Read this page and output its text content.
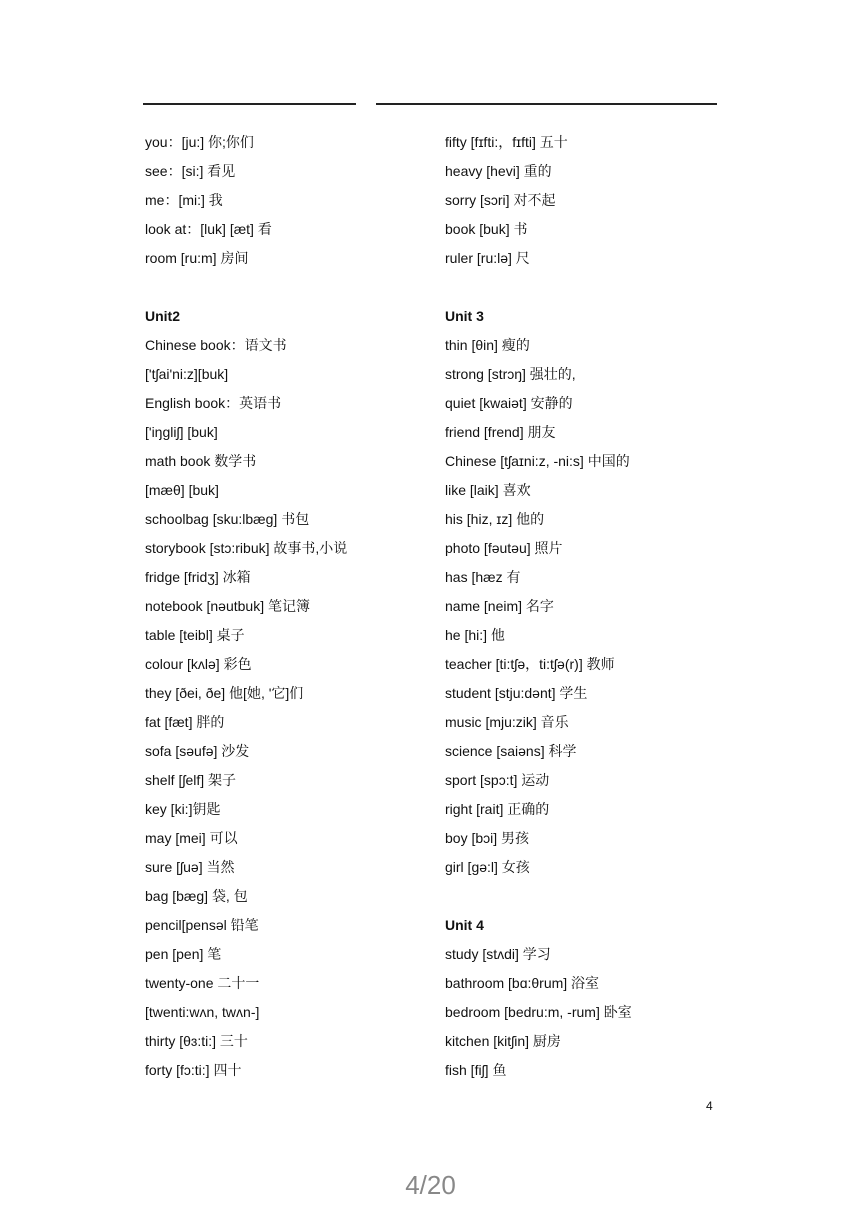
you：[ju:] 你;你们
see：[si:] 看见
me：[mi:] 我
look at：[luk] [æt] 看
room [ru:m] 房间
Unit2
Chinese book：语文书
['tʃai'ni:z][buk]
English book：英语书
['iŋgliʃ] [buk]
math book 数学书
[mæθ] [buk]
schoolbag [sku:lbæg] 书包
storybook [stɔ:ribuk] 故事书,小说
fridge [fridʒ] 冰箱
notebook [nəutbuk] 笔记簿
table [teibl] 桌子
colour [kʌlə] 彩色
they [ðei, ðe] 他[她, '它]们
fat [fæt] 胖的
sofa [səufə] 沙发
shelf [ʃelf] 架子
key [ki:]钥匙
may [mei] 可以
sure [ʃuə] 当然
bag [bæg] 袋, 包
pencil[pensəl 铅笔
pen [pen] 笔
twenty-one 二十一
[twenti:wʌn, twʌn-]
thirty [θɜ:ti:] 三十
forty [fɔ:ti:] 四十
fifty [fɪfti:，fɪfti] 五十
heavy [hevi] 重的
sorry [sɔri] 对不起
book [buk] 书
ruler [ru:lə] 尺
Unit 3
thin [θin] 瘦的
strong [strɔŋ] 强壮的,
quiet [kwaiət] 安静的
friend [frend] 朋友
Chinese [tʃaɪni:z, -ni:s] 中国的
like [laik] 喜欢
his [hiz, ɪz] 他的
photo [fəutəu] 照片
has [hæz 有
name [neim] 名字
he [hi:] 他
teacher [ti:tʃə，ti:tʃə(r)] 教师
student [stju:dənt] 学生
music [mju:zik] 音乐
science [saiəns] 科学
sport [spɔ:t] 运动
right [rait] 正确的
boy [bɔi] 男孩
girl [gə:l] 女孩
Unit 4
study [stʌdi] 学习
bathroom [bɑ:θrum] 浴室
bedroom [bedru:m, -rum] 卧室
kitchen [kitʃin] 厨房
fish [fiʃ] 鱼
4
4/20
